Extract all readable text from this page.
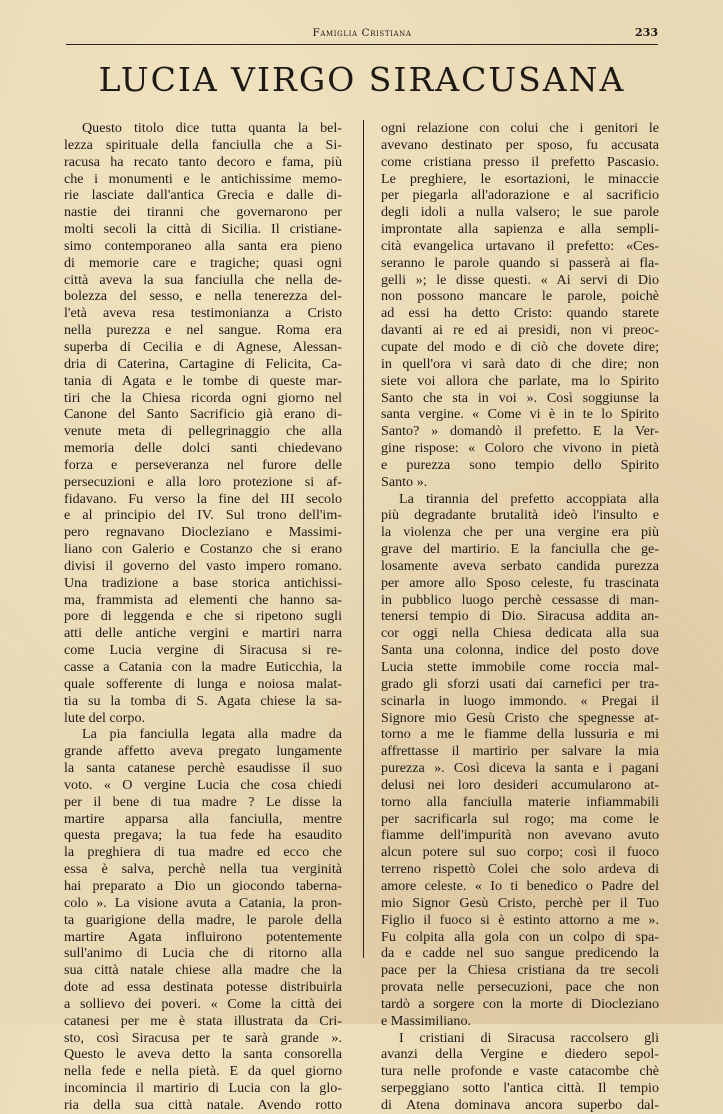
Famiglia Cristiana	233
LUCIA VIRGO SIRACUSANA
Questo titolo dice tutta quanta la bel-
lezza spirituale della fanciulla che a Si-
racusa ha recato tanto decoro e fama, più
che i monumenti e le antichissime memo-
rie lasciate dall'antica Grecia e dalle di-
nastie dei tiranni che governarono per
molti secoli la città di Sicilia. Il cristiane-
simo contemporaneo alla santa era pieno
di memorie care e tragiche; quasi ogni
città aveva la sua fanciulla che nella de-
bolezza del sesso, e nella tenerezza del-
l'età aveva resa testimonianza a Cristo
nella purezza e nel sangue. Roma era
superba di Cecilia e di Agnese, Alessan-
dria di Caterina, Cartagine di Felicita, Ca-
tania di Agata e le tombe di queste mar-
tiri che la Chiesa ricorda ogni giorno nel
Canone del Santo Sacrificio già erano di-
venute meta di pellegrinaggio che alla
memoria delle dolci santi chiedevano
forza e perseveranza nel furore delle
persecuzioni e alla loro protezione si af-
fidavano. Fu verso la fine del III secolo
e al principio del IV. Sul trono dell'im-
pero regnavano Diocleziano e Massimi-
liano con Galerio e Costanzo che si erano
divisi il governo del vasto impero romano.
Una tradizione a base storica antichissi-
ma, frammista ad elementi che hanno sa-
pore di leggenda e che si ripetono sugli
atti delle antiche vergini e martiri narra
come Lucia vergine di Siracusa si re-
casse a Catania con la madre Euticchia, la
quale sofferente di lunga e noiosa malat-
tia su la tomba di S. Agata chiese la sa-
lute del corpo.
La pia fanciulla legata alla madre da
grande affetto aveva pregato lungamente
la santa catanese perchè esaudisse il suo
voto. « O vergine Lucia che cosa chiedi
per il bene di tua madre ? Le disse la
martire apparsa alla fanciulla, mentre
questa pregava; la tua fede ha esaudito
la preghiera di tua madre ed ecco che
essa è salva, perchè nella tua verginità
hai preparato a Dio un giocondo taberna-
colo ». La visione avuta a Catania, la pron-
ta guarigione della madre, le parole della
martire Agata influirono potentemente
sull'animo di Lucia che di ritorno alla
sua città natale chiese alla madre che la
dote ad essa destinata potesse distribuirla
a sollievo dei poveri. « Come la città dei
catanesi per me è stata illustrata da Cri-
sto, così Siracusa per te sarà grande ».
Questo le aveva detto la santa consorella
nella fede e nella pietà. E da quel giorno
incomincia il martirio di Lucia con la glo-
ria della sua città natale. Avendo rotto
ogni relazione con colui che i genitori le
avevano destinato per sposo, fu accusata
come cristiana presso il prefetto Pascasio.
Le preghiere, le esortazioni, le minaccie
per piegarla all'adorazione e al sacrificio
degli idoli a nulla valsero; le sue parole
improntate alla sapienza e alla sempli-
cità evangelica urtavano il prefetto: «Ces-
seranno le parole quando si passerà ai fla-
gelli »; le disse questi. « Ai servi di Dio
non possono mancare le parole, poichè
ad essi ha detto Cristo: quando starete
davanti ai re ed ai presidi, non vi preoc-
cupate del modo e di ciò che dovete dire;
in quell'ora vi sarà dato di che dire; non
siete voi allora che parlate, ma lo Spirito
Santo che sta in voi ». Così soggiunse la
santa vergine. « Come vi è in te lo Spirito
Santo? » domandò il prefetto. E la Ver-
gine rispose: « Coloro che vivono in pietà
e purezza sono tempio dello Spirito
Santo ».
La tirannia del prefetto accoppiata alla
più degradante brutalità ideò l'insulto e
la violenza che per una vergine era più
grave del martirio. E la fanciulla che ge-
losamente aveva serbato candida purezza
per amore allo Sposo celeste, fu trascinata
in pubblico luogo perchè cessasse di man-
tenersi tempio di Dio. Siracusa addita an-
cor oggi nella Chiesa dedicata alla sua
Santa una colonna, indice del posto dove
Lucia stette immobile come roccia mal-
grado gli sforzi usati dai carnefici per tra-
scinarla in luogo immondo. « Pregai il
Signore mio Gesù Cristo che spegnesse at-
torno a me le fiamme della lussuria e mi
affrettasse il martirio per salvare la mia
purezza ». Così diceva la santa e i pagani
delusi nei loro desideri accumularono at-
torno alla fanciulla materie infiammabili
per sacrificarla sul rogo; ma come le
fiamme dell'impurità non avevano avuto
alcun potere sul suo corpo; così il fuoco
terreno rispettò Colei che solo ardeva di
amore celeste. « Io ti benedico o Padre del
mio Signor Gesù Cristo, perchè per il Tuo
Figlio il fuoco si è estinto attorno a me ».
Fu colpita alla gola con un colpo di spa-
da e cadde nel suo sangue predicendo la
pace per la Chiesa cristiana da tre secoli
provata nelle persecuzioni, pace che non
tardò a sorgere con la morte di Diocleziano
e Massimiliano.
I cristiani di Siracusa raccolsero gli
avanzi della Vergine e diedero sepol-
tura nelle profonde e vaste catacombe chè
serpeggiano sotto l'antica città. Il tempio
di Atena dominava ancora superbo dal-
